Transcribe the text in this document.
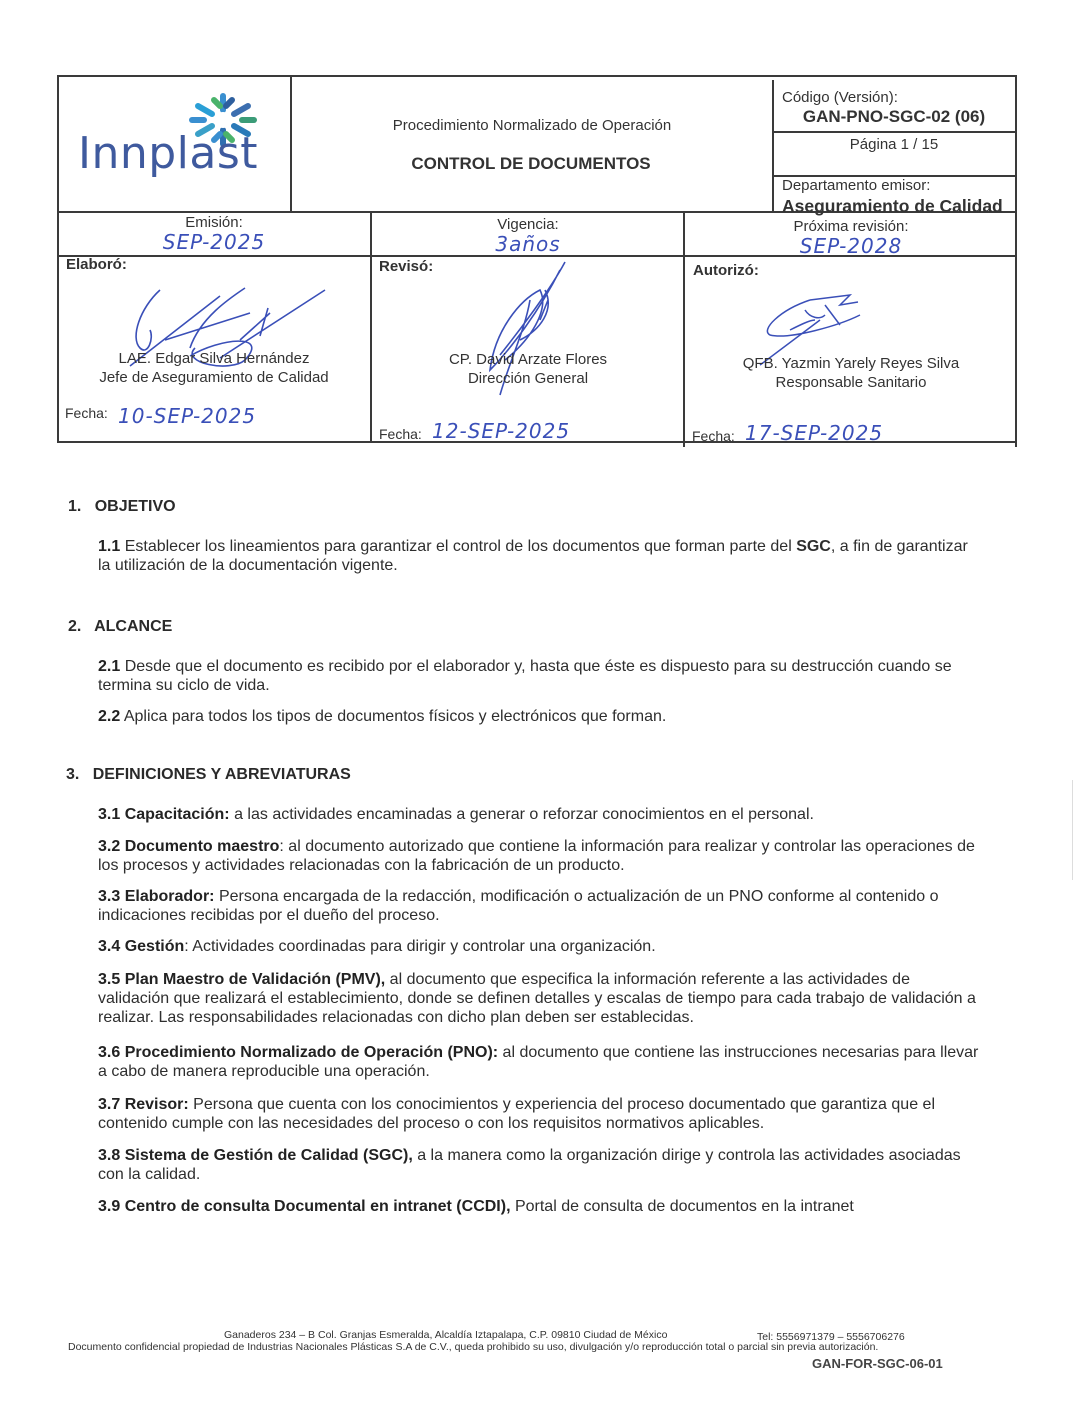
Innplast
Procedimiento Normalizado de Operación
CONTROL DE DOCUMENTOS
Código (Versión):
GAN-PNO-SGC-02 (06)
Página 1 / 15
Departamento emisor:
Aseguramiento de Calidad
Emisión:
SEP-2025
Vigencia:
3años
Próxima revisión:
SEP-2028
Elaboró:
LAE. Edgar Silva Hernández
Jefe de Aseguramiento de Calidad
Fecha: 10-SEP-2025
Revisó:
CP. David Arzate Flores
Dirección General
Fecha: 12-SEP-2025
Autorizó:
QFB. Yazmin Yarely Reyes Silva
Responsable Sanitario
Fecha: 17-SEP-2025
1. OBJETIVO

1.1 Establecer los lineamientos para garantizar el control de los documentos que forman parte del SGC, a fin de garantizar la utilización de la documentación vigente.

2. ALCANCE
2.1 Desde que el documento es recibido por el elaborador y, hasta que éste es dispuesto para su destrucción cuando se termina su ciclo de vida.
2.2 Aplica para todos los tipos de documentos físicos y electrónicos que forman.
3. DEFINICIONES Y ABREVIATURAS
3.1 Capacitación: a las actividades encaminadas a generar o reforzar conocimientos en el personal.
3.2 Documento maestro: al documento autorizado que contiene la información para realizar y controlar las operaciones de los procesos y actividades relacionadas con la fabricación de un producto.
3.3 Elaborador: Persona encargada de la redacción, modificación o actualización de un PNO conforme al contenido o indicaciones recibidas por el dueño del proceso.
3.4 Gestión: Actividades coordinadas para dirigir y controlar una organización.
3.5 Plan Maestro de Validación (PMV), al documento que especifica la información referente a las actividades de validación que realizará el establecimiento, donde se definen detalles y escalas de tiempo para cada trabajo de validación a realizar. Las responsabilidades relacionadas con dicho plan deben ser establecidas.
3.6 Procedimiento Normalizado de Operación (PNO): al documento que contiene las instrucciones necesarias para llevar a cabo de manera reproducible una operación.
3.7 Revisor: Persona que cuenta con los conocimientos y experiencia del proceso documentado que garantiza que el contenido cumple con las necesidades del proceso o con los requisitos normativos aplicables.
3.8 Sistema de Gestión de Calidad (SGC), a la manera como la organización dirige y controla las actividades asociadas con la calidad.
3.9 Centro de consulta Documental en intranet (CCDI), Portal de consulta de documentos en la intranet
Ganaderos 234 – B Col. Granjas Esmeralda, Alcaldía Iztapalapa, C.P. 09810 Ciudad de México	Tel: 5556971379 – 5556706276
Documento confidencial propiedad de Industrias Nacionales Plásticas S.A de C.V., queda prohibido su uso, divulgación y/o reproducción total o parcial sin previa autorización.
GAN-FOR-SGC-06-01
